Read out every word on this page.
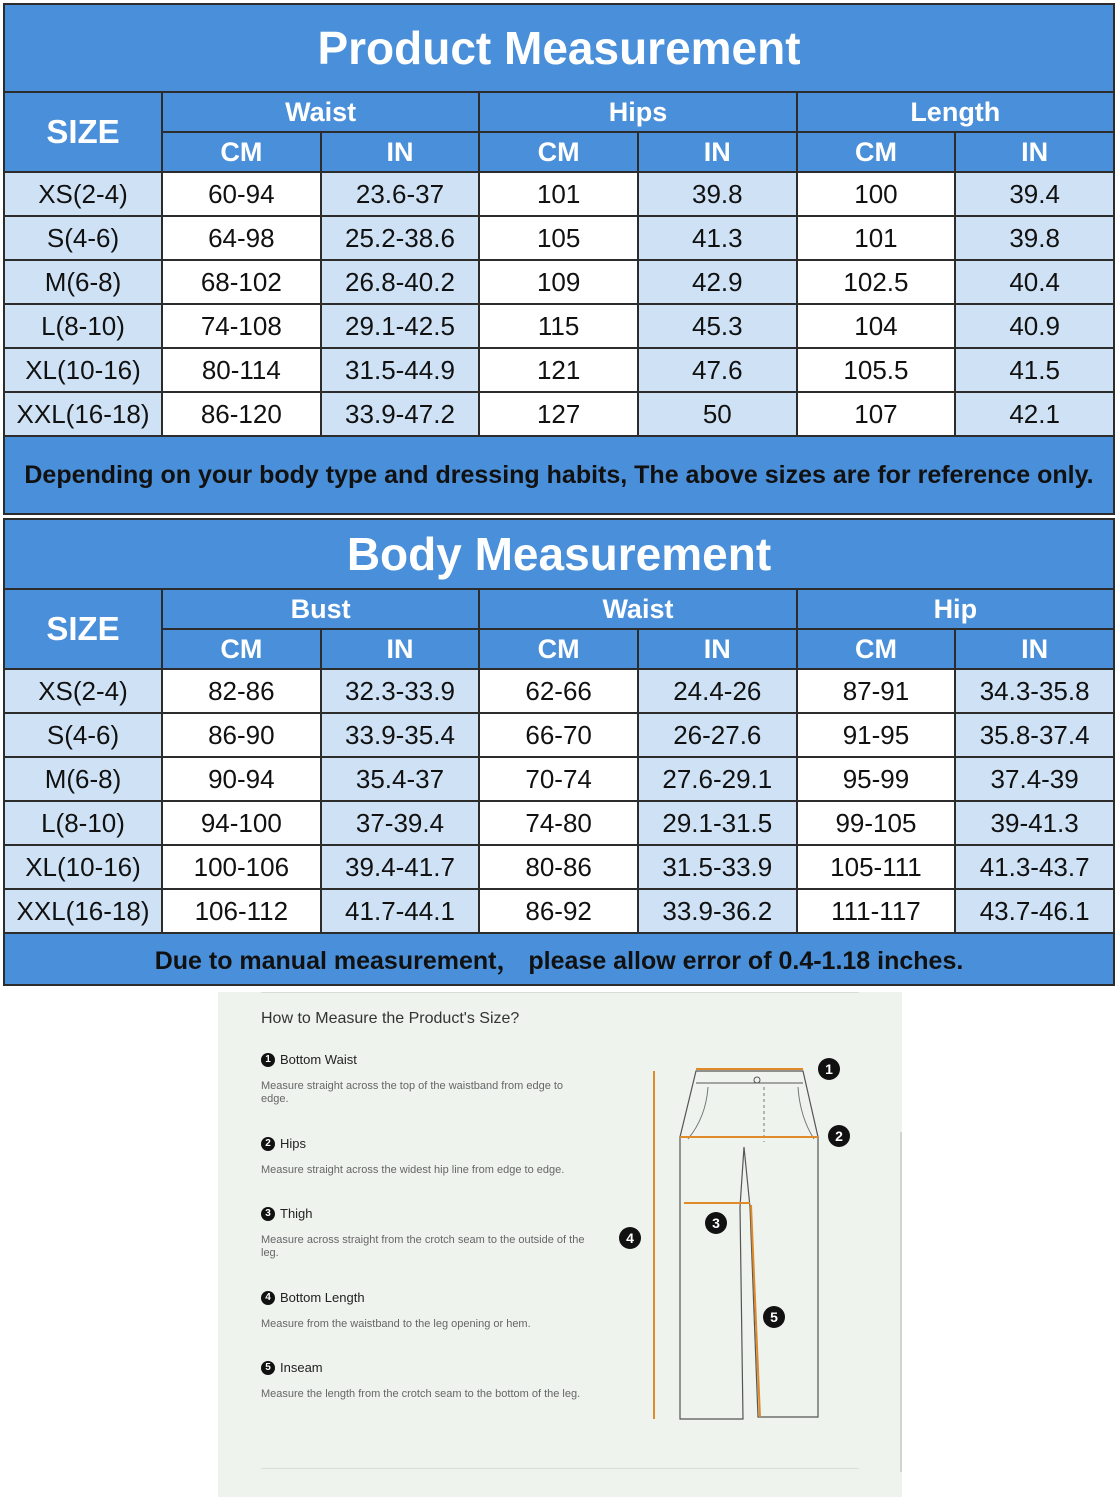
Product Measurement						
SIZE	Waist		Hips		Length	
	CM	IN	CM	IN	CM	IN
XS(2-4)	60-94	23.6-37	101	39.8	100	39.4
S(4-6)	64-98	25.2-38.6	105	41.3	101	39.8
M(6-8)	68-102	26.8-40.2	109	42.9	102.5	40.4
L(8-10)	74-108	29.1-42.5	115	45.3	104	40.9
XL(10-16)	80-114	31.5-44.9	121	47.6	105.5	41.5
XXL(16-18)	86-120	33.9-47.2	127	50	107	42.1
Depending on your body type and dressing habits, The above sizes are for reference only.						
Body Measurement						
SIZE	Bust		Waist		Hip	
	CM	IN	CM	IN	CM	IN
XS(2-4)	82-86	32.3-33.9	62-66	24.4-26	87-91	34.3-35.8
S(4-6)	86-90	33.9-35.4	66-70	26-27.6	91-95	35.8-37.4
M(6-8)	90-94	35.4-37	70-74	27.6-29.1	95-99	37.4-39
L(8-10)	94-100	37-39.4	74-80	29.1-31.5	99-105	39-41.3
XL(10-16)	100-106	39.4-41.7	80-86	31.5-33.9	105-111	41.3-43.7
XXL(16-18)	106-112	41.7-44.1	86-92	33.9-36.2	111-117	43.7-46.1
Due to manual measurement， please allow error of 0.4-1.18 inches.						
How to Measure the Product's Size?
1 Bottom Waist
Measure straight across the top of the waistband from edge to edge.
2 Hips
Measure straight across the widest hip line from edge to edge.
3 Thigh
Measure across straight from the crotch seam to the outside of the leg.
4 Bottom Length
Measure from the waistband to the leg opening or hem.
5 Inseam
Measure the length from the crotch seam to the bottom of the leg.
1
2
3
4
5
